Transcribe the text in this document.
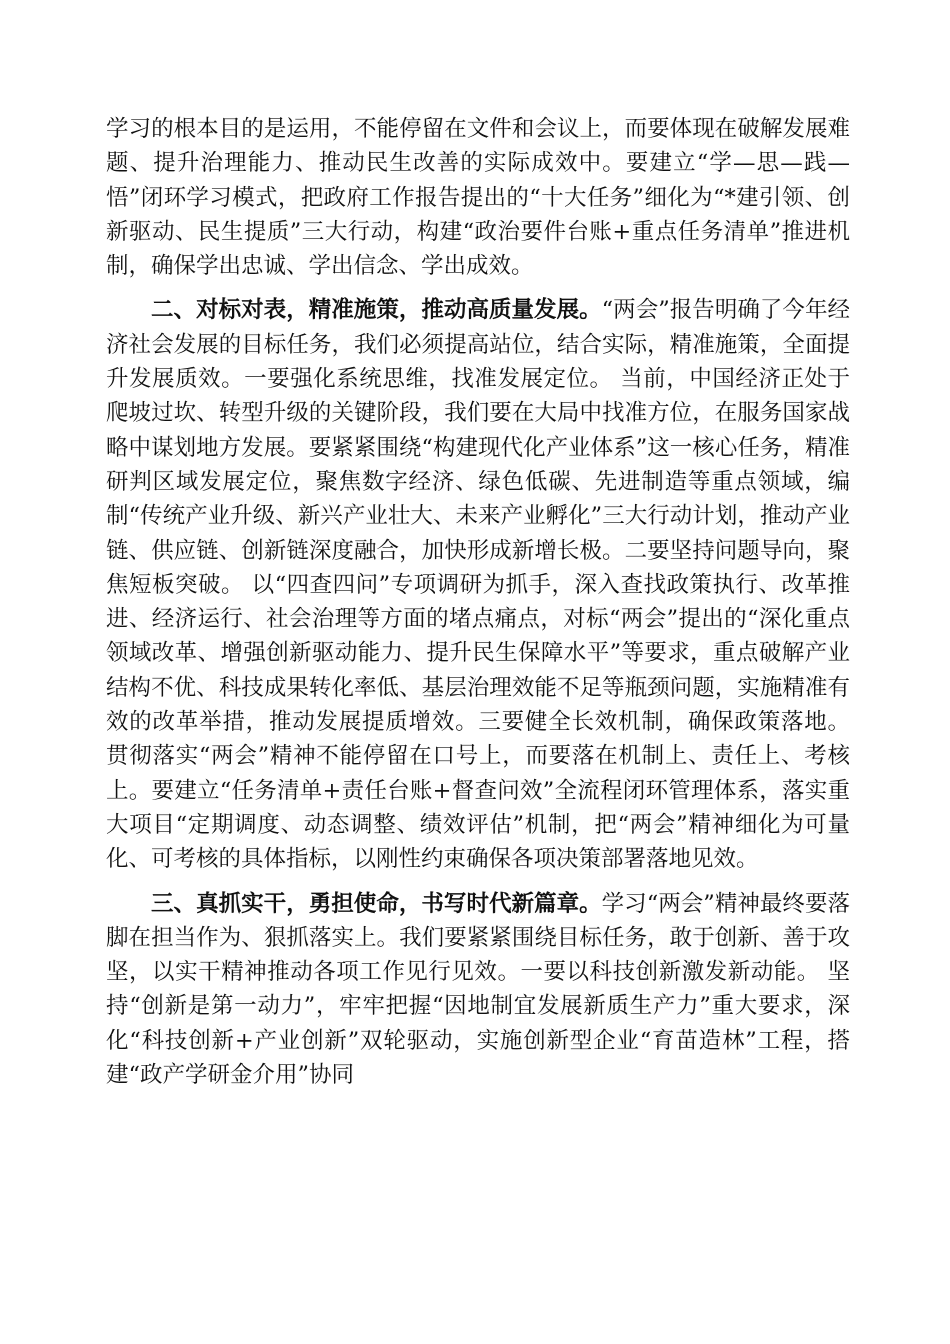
学习的根本目的是运用，不能停留在文件和会议上，而要体现在破解发展难题、提升治理能力、推动民生改善的实际成效中。要建立“学—思—践—悟”闭环学习模式，把政府工作报告提出的“十大任务”细化为“*建引领、创新驱动、民生提质”三大行动，构建“政治要件台账+重点任务清单”推进机制，确保学出忠诚、学出信念、学出成效。

二、对标对表，精准施策，推动高质量发展。“两会”报告明确了今年经济社会发展的目标任务，我们必须提高站位，结合实际，精准施策，全面提升发展质效。一要强化系统思维，找准发展定位。 当前，中国经济正处于爬坡过坎、转型升级的关键阶段，我们要在大局中找准方位，在服务国家战略中谋划地方发展。要紧紧围绕“构建现代化产业体系”这一核心任务，精准研判区域发展定位，聚焦数字经济、绿色低碳、先进制造等重点领域，编制“传统产业升级、新兴产业壮大、未来产业孵化”三大行动计划，推动产业链、供应链、创新链深度融合，加快形成新增长极。二要坚持问题导向，聚焦短板突破。 以“四查四问”专项调研为抓手，深入查找政策执行、改革推进、经济运行、社会治理等方面的堵点痛点，对标“两会”提出的“深化重点领域改革、增强创新驱动能力、提升民生保障水平”等要求，重点破解产业结构不优、科技成果转化率低、基层治理效能不足等瓶颈问题，实施精准有效的改革举措，推动发展提质增效。三要健全长效机制，确保政策落地。 贯彻落实“两会”精神不能停留在口号上，而要落在机制上、责任上、考核上。要建立“任务清单+责任台账+督查问效”全流程闭环管理体系，落实重大项目“定期调度、动态调整、绩效评估”机制，把“两会”精神细化为可量化、可考核的具体指标，以刚性约束确保各项决策部署落地见效。

三、真抓实干，勇担使命，书写时代新篇章。学习“两会”精神最终要落脚在担当作为、狠抓落实上。我们要紧紧围绕目标任务，敢于创新、善于攻坚，以实干精神推动各项工作见行见效。一要以科技创新激发新动能。 坚持“创新是第一动力”，牢牢把握“因地制宜发展新质生产力”重大要求，深化“科技创新+产业创新”双轮驱动，实施创新型企业“育苗造林”工程，搭建“政产学研金介用”协同
